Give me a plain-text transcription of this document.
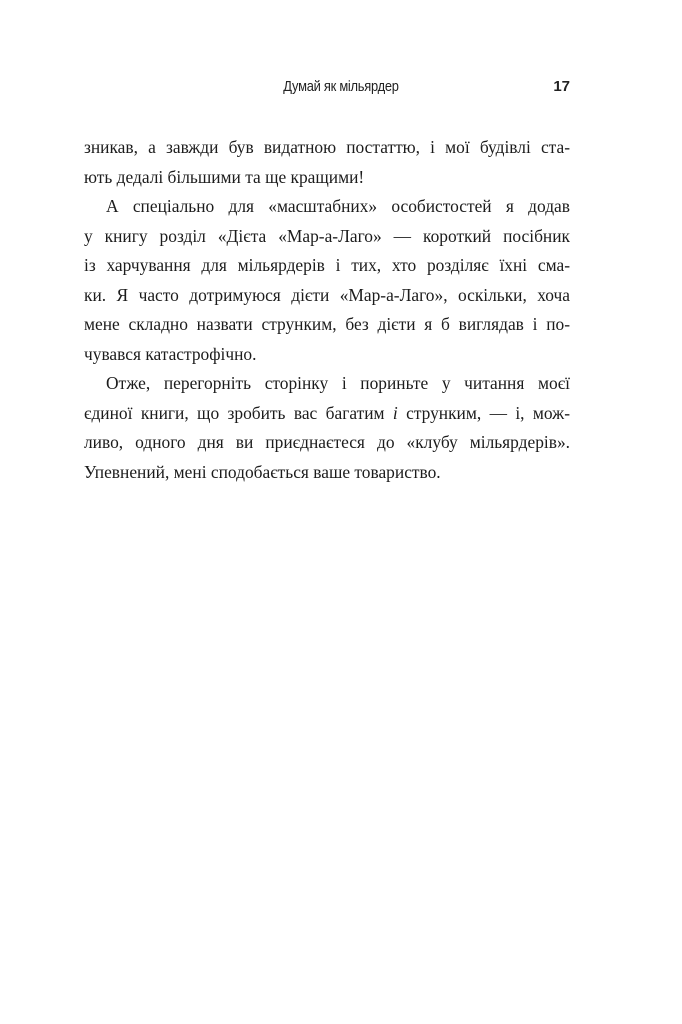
Думай як мільярдер	17
зникав, а завжди був видатною постаттю, і мої будівлі ста-
ють дедалі більшими та ще кращими!
А спеціально для «масштабних» особистостей я додав
у книгу розділ «Дієта «Мар-а-Лаго» — короткий посібник
із харчування для мільярдерів і тих, хто розділяє їхні сма-
ки. Я часто дотримуюся дієти «Мар-а-Лаго», оскільки, хоча
мене складно назвати струнким, без дієти я б виглядав і по-
чувався катастрофічно.
Отже, перегорніть сторінку і пориньте у читання моєї
єдиної книги, що зробить вас багатим і струнким, — і, мож-
ливо, одного дня ви приєднаєтеся до «клубу мільярдерів».
Упевнений, мені сподобається ваше товариство.
